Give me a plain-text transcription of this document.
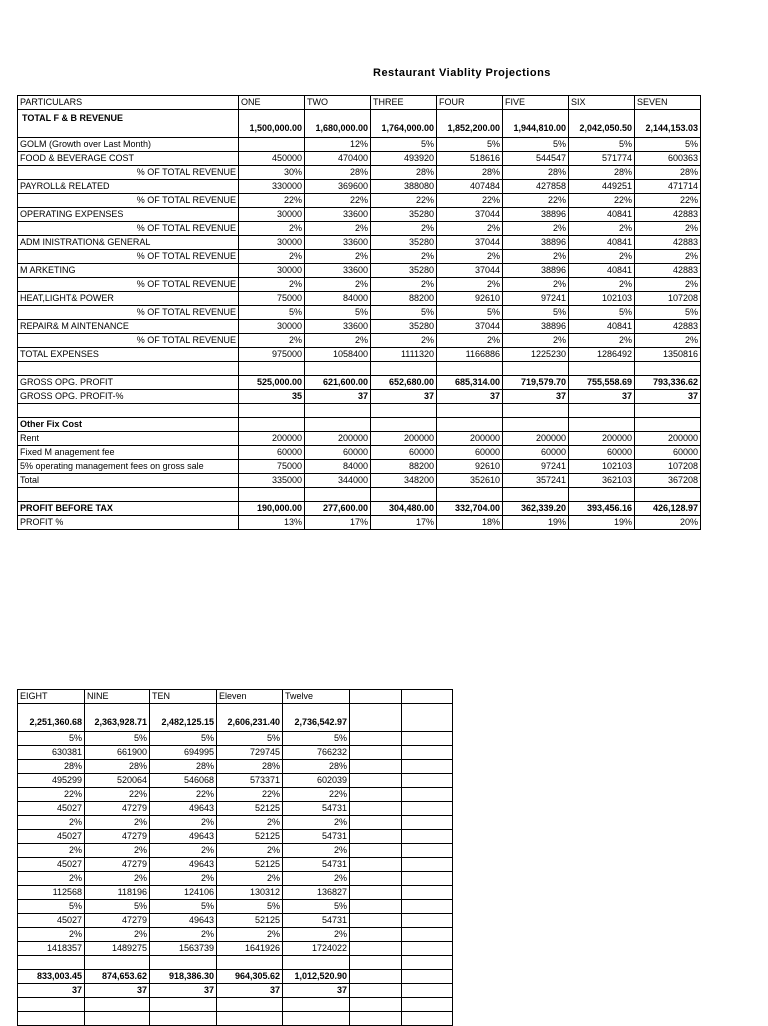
Restaurant Viablity Projections
PARTICULARS	ONE	TWO	THREE	FOUR	FIVE	SIX	SEVEN
TOTAL F & B REVENUE	1,500,000.00	1,680,000.00	1,764,000.00	1,852,200.00	1,944,810.00	2,042,050.50	2,144,153.03
GOLM (Growth over Last Month)		12%	5%	5%	5%	5%	5%
FOOD & BEVERAGE COST	450000	470400	493920	518616	544547	571774	600363
% OF TOTAL REVENUE	30%	28%	28%	28%	28%	28%	28%
PAYROLL& RELATED	330000	369600	388080	407484	427858	449251	471714
% OF TOTAL REVENUE	22%	22%	22%	22%	22%	22%	22%
OPERATING EXPENSES	30000	33600	35280	37044	38896	40841	42883
% OF TOTAL REVENUE	2%	2%	2%	2%	2%	2%	2%
ADM INISTRATION& GENERAL	30000	33600	35280	37044	38896	40841	42883
% OF TOTAL REVENUE	2%	2%	2%	2%	2%	2%	2%
M ARKETING	30000	33600	35280	37044	38896	40841	42883
% OF TOTAL REVENUE	2%	2%	2%	2%	2%	2%	2%
HEAT,LIGHT& POWER	75000	84000	88200	92610	97241	102103	107208
% OF TOTAL REVENUE	5%	5%	5%	5%	5%	5%	5%
REPAIR& M AINTENANCE	30000	33600	35280	37044	38896	40841	42883
% OF TOTAL REVENUE	2%	2%	2%	2%	2%	2%	2%
TOTAL EXPENSES	975000	1058400	1111320	1166886	1225230	1286492	1350816

GROSS OPG. PROFIT	525,000.00	621,600.00	652,680.00	685,314.00	719,579.70	755,558.69	793,336.62
GROSS OPG. PROFIT-%	35	37	37	37	37	37	37

Other Fix Cost							
Rent	200000	200000	200000	200000	200000	200000	200000
Fixed M anagement fee	60000	60000	60000	60000	60000	60000	60000
5% operating management fees on gross sale	75000	84000	88200	92610	97241	102103	107208
Total	335000	344000	348200	352610	357241	362103	367208

PROFIT BEFORE TAX	190,000.00	277,600.00	304,480.00	332,704.00	362,339.20	393,456.16	426,128.97
PROFIT %	13%	17%	17%	18%	19%	19%	20%
EIGHT	NINE	TEN	Eleven	Twelve		
2,251,360.68	2,363,928.71	2,482,125.15	2,606,231.40	2,736,542.97		
5%	5%	5%	5%	5%		
630381	661900	694995	729745	766232		
28%	28%	28%	28%	28%		
495299	520064	546068	573371	602039		
22%	22%	22%	22%	22%		
45027	47279	49643	52125	54731		
2%	2%	2%	2%	2%		
45027	47279	49643	52125	54731		
2%	2%	2%	2%	2%		
45027	47279	49643	52125	54731		
2%	2%	2%	2%	2%		
112568	118196	124106	130312	136827		
5%	5%	5%	5%	5%		
45027	47279	49643	52125	54731		
2%	2%	2%	2%	2%		
1418357	1489275	1563739	1641926	1724022		

833,003.45	874,653.62	918,386.30	964,305.62	1,012,520.90		
37	37	37	37	37		
